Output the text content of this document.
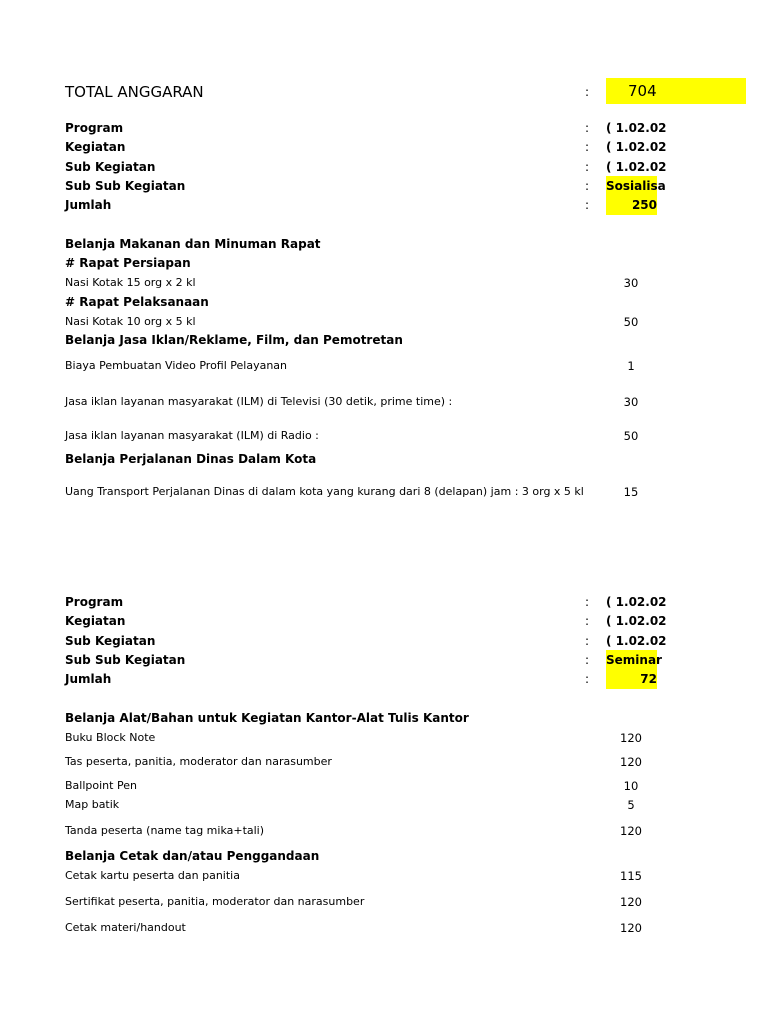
TOTAL ANGGARAN	:	704
Program	: ( 1.02.02
Kegiatan	: ( 1.02.02
Sub Kegiatan	: ( 1.02.02
Sub Sub Kegiatan	: Sosialisa
Jumlah	:	250
Belanja Makanan dan Minuman Rapat
# Rapat Persiapan
Nasi Kotak 15 org x 2 kl	30
# Rapat Pelaksanaan
Nasi Kotak 10 org x 5 kl	50
Belanja Jasa Iklan/Reklame, Film, dan Pemotretan
Biaya Pembuatan Video Profil Pelayanan	1
Jasa iklan layanan masyarakat (ILM) di Televisi (30 detik, prime time) :	30
Jasa iklan layanan masyarakat (ILM) di Radio :	50
Belanja Perjalanan Dinas Dalam Kota
Uang Transport Perjalanan Dinas di dalam kota yang kurang dari 8 (delapan) jam : 3 org x 5 kl	15
Program	: ( 1.02.02
Kegiatan	: ( 1.02.02
Sub Kegiatan	: ( 1.02.02
Sub Sub Kegiatan	: Seminar
Jumlah	:	72
Belanja Alat/Bahan untuk Kegiatan Kantor-Alat Tulis Kantor
Buku Block Note	120
Tas peserta, panitia, moderator dan narasumber	120
Ballpoint Pen	10
Map batik	5
Tanda peserta (name tag mika+tali)	120
Belanja Cetak dan/atau Penggandaan
Cetak kartu peserta dan panitia	115
Sertifikat peserta, panitia, moderator dan narasumber	120
Cetak materi/handout	120
